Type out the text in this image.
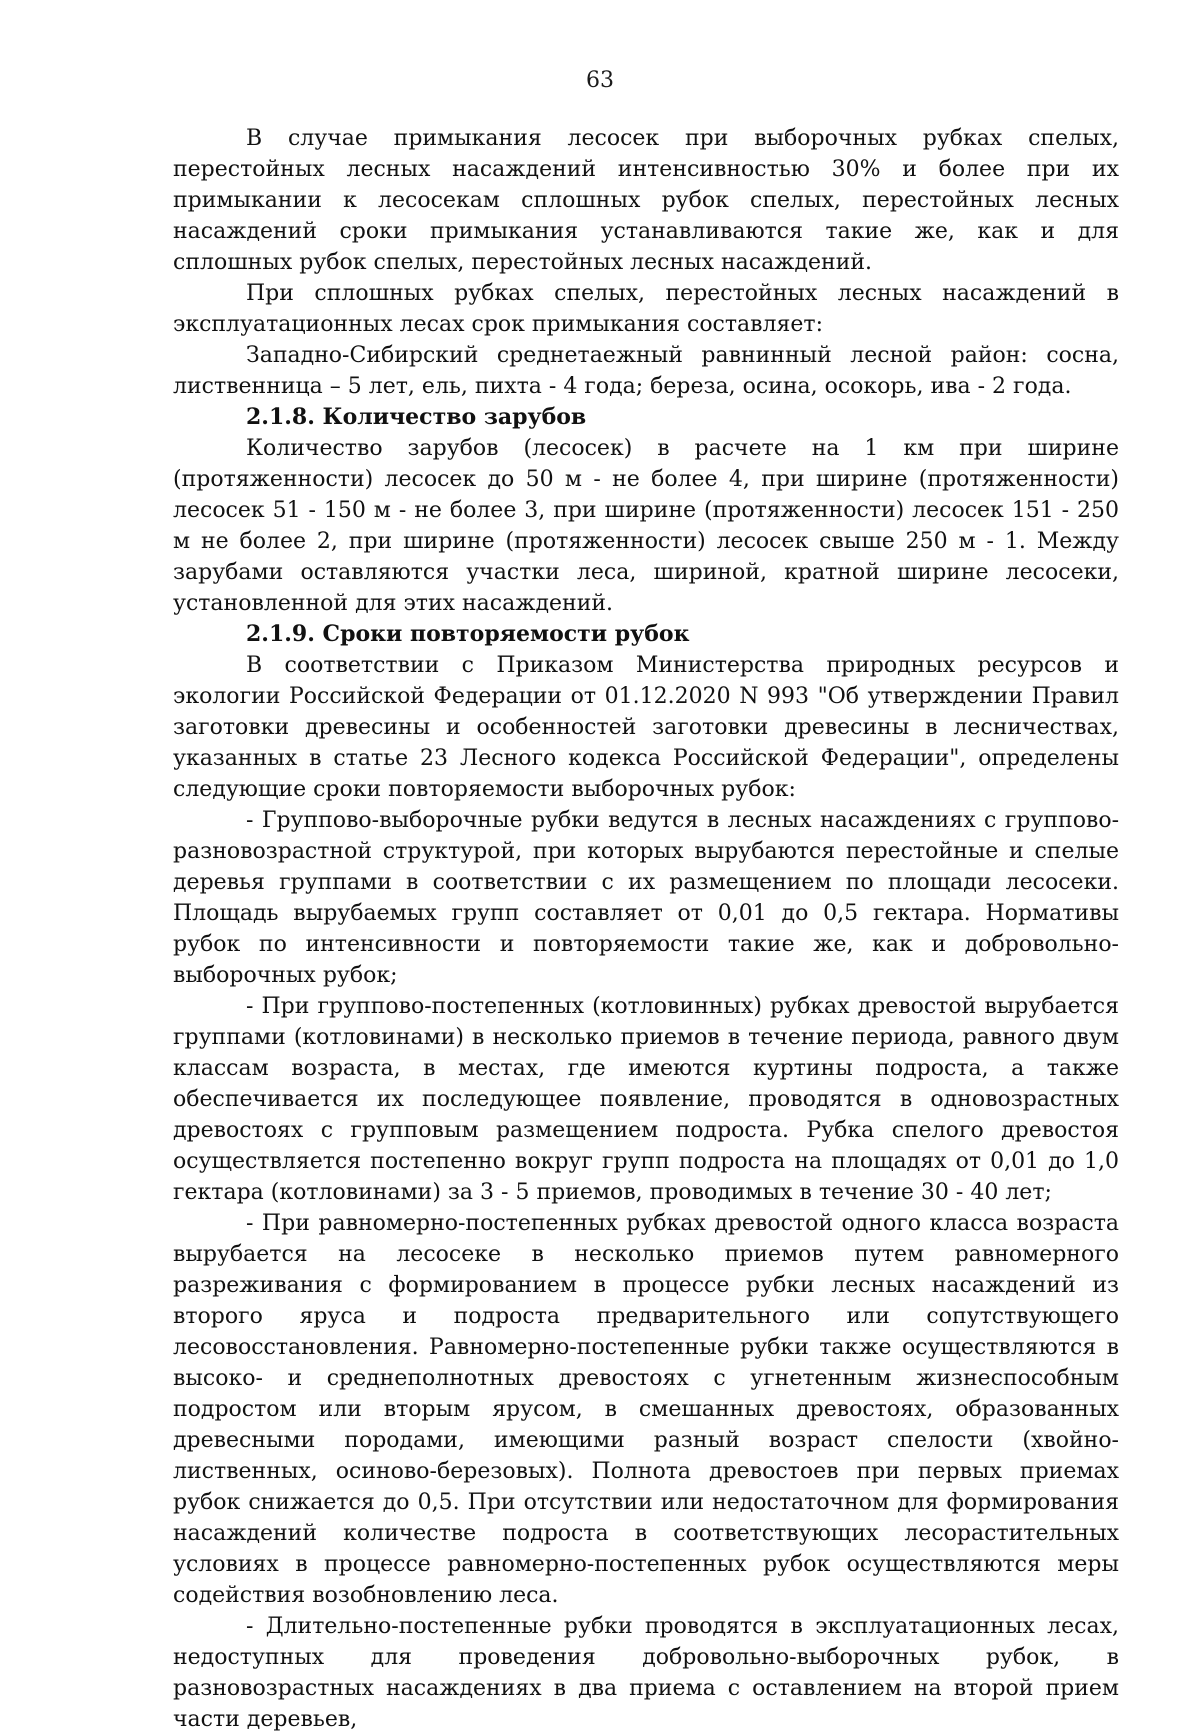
63

В случае примыкания лесосек при выборочных рубках спелых, перестойных лесных насаждений интенсивностью 30% и более при их примыкании к лесосекам сплошных рубок спелых, перестойных лесных насаждений сроки примыкания устанавливаются такие же, как и для сплошных рубок спелых, перестойных лесных насаждений.

При сплошных рубках спелых, перестойных лесных насаждений в эксплуатационных лесах срок примыкания составляет:

Западно-Сибирский среднетаежный равнинный лесной район: сосна, лиственница – 5 лет, ель, пихта - 4 года; береза, осина, осокорь, ива - 2 года.

2.1.8. Количество зарубов

Количество зарубов (лесосек) в расчете на 1 км при ширине (протяженности) лесосек до 50 м - не более 4, при ширине (протяженности) лесосек 51 - 150 м - не более 3, при ширине (протяженности) лесосек 151 - 250 м не более 2, при ширине (протяженности) лесосек свыше 250 м - 1. Между зарубами оставляются участки леса, шириной, кратной ширине лесосеки, установленной для этих насаждений.

2.1.9. Сроки повторяемости рубок

В соответствии с Приказом Министерства природных ресурсов и экологии Российской Федерации от 01.12.2020 N 993 "Об утверждении Правил заготовки древесины и особенностей заготовки древесины в лесничествах, указанных в статье 23 Лесного кодекса Российской Федерации", определены следующие сроки повторяемости выборочных рубок:

- Группово-выборочные рубки ведутся в лесных насаждениях с группово-разновозрастной структурой, при которых вырубаются перестойные и спелые деревья группами в соответствии с их размещением по площади лесосеки. Площадь вырубаемых групп составляет от 0,01 до 0,5 гектара. Нормативы рубок по интенсивности и повторяемости такие же, как и добровольно-выборочных рубок;

- При группово-постепенных (котловинных) рубках древостой вырубается группами (котловинами) в несколько приемов в течение периода, равного двум классам возраста, в местах, где имеются куртины подроста, а также обеспечивается их последующее появление, проводятся в одновозрастных древостоях с групповым размещением подроста. Рубка спелого древостоя осуществляется постепенно вокруг групп подроста на площадях от 0,01 до 1,0 гектара (котловинами) за 3 - 5 приемов, проводимых в течение 30 - 40 лет;

- При равномерно-постепенных рубках древостой одного класса возраста вырубается на лесосеке в несколько приемов путем равномерного разреживания с формированием в процессе рубки лесных насаждений из второго яруса и подроста предварительного или сопутствующего лесовосстановления. Равномерно-постепенные рубки также осуществляются в высоко- и среднеполнотных древостоях с угнетенным жизнеспособным подростом или вторым ярусом, в смешанных древостоях, образованных древесными породами, имеющими разный возраст спелости (хвойно-лиственных, осиново-березовых). Полнота древостоев при первых приемах рубок снижается до 0,5. При отсутствии или недостаточном для формирования насаждений количестве подроста в соответствующих лесорастительных условиях в процессе равномерно-постепенных рубок осуществляются меры содействия возобновлению леса.

- Длительно-постепенные рубки проводятся в эксплуатационных лесах, недоступных для проведения добровольно-выборочных рубок, в разновозрастных насаждениях в два приема с оставлением на второй прием части деревьев,
